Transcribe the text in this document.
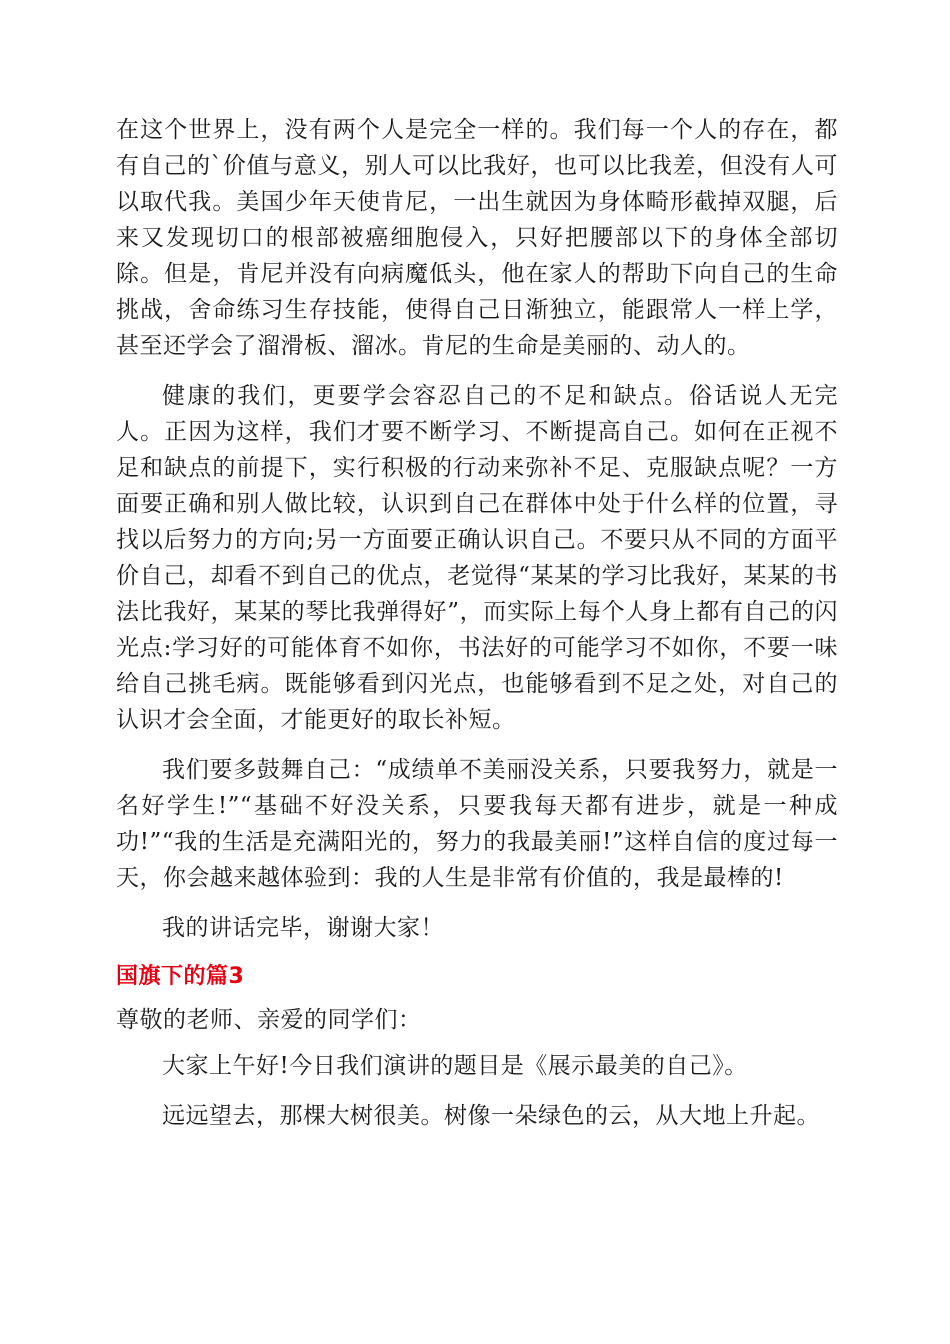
在这个世界上，没有两个人是完全一样的。我们每一个人的存在，都有自己的`价值与意义，别人可以比我好，也可以比我差，但没有人可以取代我。美国少年天使肯尼，一出生就因为身体畸形截掉双腿，后来又发现切口的根部被癌细胞侵入，只好把腰部以下的身体全部切除。但是，肯尼并没有向病魔低头，他在家人的帮助下向自己的生命挑战，舍命练习生存技能，使得自己日渐独立，能跟常人一样上学，甚至还学会了溜滑板、溜冰。肯尼的生命是美丽的、动人的。

健康的我们，更要学会容忍自己的不足和缺点。俗话说人无完人。正因为这样，我们才要不断学习、不断提高自己。如何在正视不足和缺点的前提下，实行积极的行动来弥补不足、克服缺点呢？一方面要正确和别人做比较，认识到自己在群体中处于什么样的位置，寻找以后努力的方向;另一方面要正确认识自己。不要只从不同的方面平价自己，却看不到自己的优点，老觉得“某某的学习比我好，某某的书法比我好，某某的琴比我弹得好”，而实际上每个人身上都有自己的闪光点:学习好的可能体育不如你，书法好的可能学习不如你，不要一味给自己挑毛病。既能够看到闪光点，也能够看到不足之处，对自己的认识才会全面，才能更好的取长补短。

我们要多鼓舞自己：“成绩单不美丽没关系，只要我努力，就是一名好学生!”“基础不好没关系，只要我每天都有进步，就是一种成功!”“我的生活是充满阳光的，努力的我最美丽!”这样自信的度过每一天，你会越来越体验到：我的人生是非常有价值的，我是最棒的!

我的讲话完毕，谢谢大家！

国旗下的篇3

尊敬的老师、亲爱的同学们：

大家上午好!今日我们演讲的题目是《展示最美的自己》。

远远望去，那棵大树很美。树像一朵绿色的云，从大地上升起。
